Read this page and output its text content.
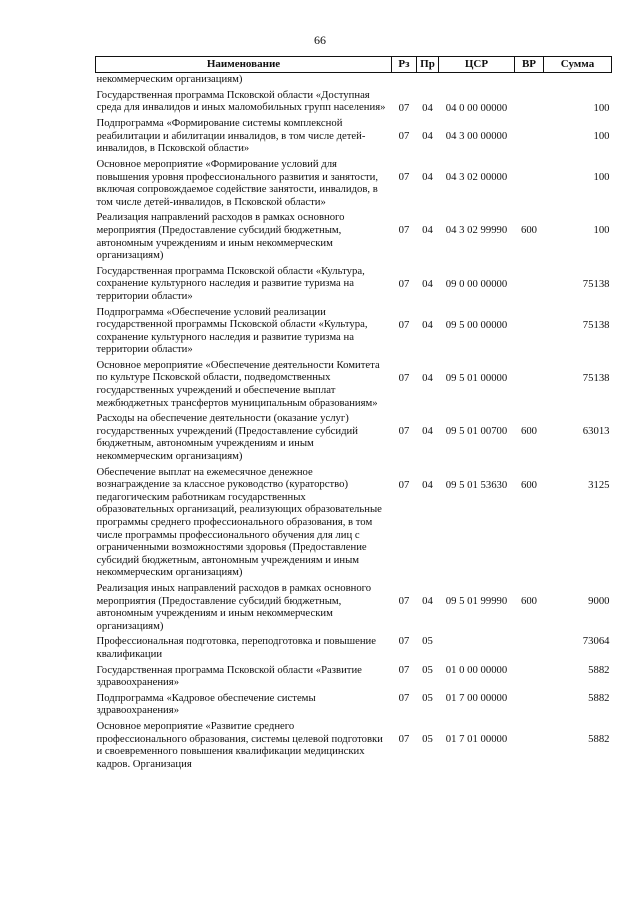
66
Наименование	Рз	Пр	ЦСР	ВР	Сумма
некоммерческим организациям)					
Государственная программа Псковской области «Доступная среда для инвалидов и иных маломобильных групп населения»	07	04	04 0 00 00000		100
Подпрограмма «Формирование системы комплексной реабилитации и абилитации инвалидов, в том числе детей-инвалидов, в Псковской области»	07	04	04 3 00 00000		100
Основное мероприятие «Формирование условий для повышения уровня профессионального развития и занятости, включая сопровождаемое содействие занятости, инвалидов, в том числе детей-инвалидов, в Псковской области»	07	04	04 3 02 00000		100
Реализация направлений расходов в рамках основного мероприятия (Предоставление субсидий бюджетным, автономным учреждениям и иным некоммерческим организациям)	07	04	04 3 02 99990	600	100
Государственная программа Псковской области «Культура, сохранение культурного наследия и развитие туризма на территории области»	07	04	09 0 00 00000		75138
Подпрограмма «Обеспечение условий реализации государственной программы Псковской области «Культура, сохранение культурного наследия и развитие туризма на территории области»	07	04	09 5 00 00000		75138
Основное мероприятие «Обеспечение деятельности Комитета по культуре Псковской области, подведомственных государственных учреждений и обеспечение выплат межбюджетных трансфертов муниципальным образованиям»	07	04	09 5 01 00000		75138
Расходы на обеспечение деятельности (оказание услуг) государственных учреждений (Предоставление субсидий бюджетным, автономным учреждениям и иным некоммерческим организациям)	07	04	09 5 01 00700	600	63013
Обеспечение выплат на ежемесячное денежное вознаграждение за классное руководство (кураторство) педагогическим работникам государственных образовательных организаций, реализующих образовательные программы среднего профессионального образования, в том числе программы профессионального обучения для лиц с ограниченными возможностями здоровья (Предоставление субсидий бюджетным, автономным учреждениям и иным некоммерческим организациям)	07	04	09 5 01 53630	600	3125
Реализация иных направлений расходов в рамках основного мероприятия (Предоставление субсидий бюджетным, автономным учреждениям и иным некоммерческим организациям)	07	04	09 5 01 99990	600	9000
Профессиональная подготовка, переподготовка и повышение квалификации	07	05			73064
Государственная программа Псковской области «Развитие здравоохранения»	07	05	01 0 00 00000		5882
Подпрограмма «Кадровое обеспечение системы здравоохранения»	07	05	01 7 00 00000		5882
Основное мероприятие «Развитие среднего профессионального образования, системы целевой подготовки и своевременного повышения квалификации медицинских кадров. Организация	07	05	01 7 01 00000		5882
